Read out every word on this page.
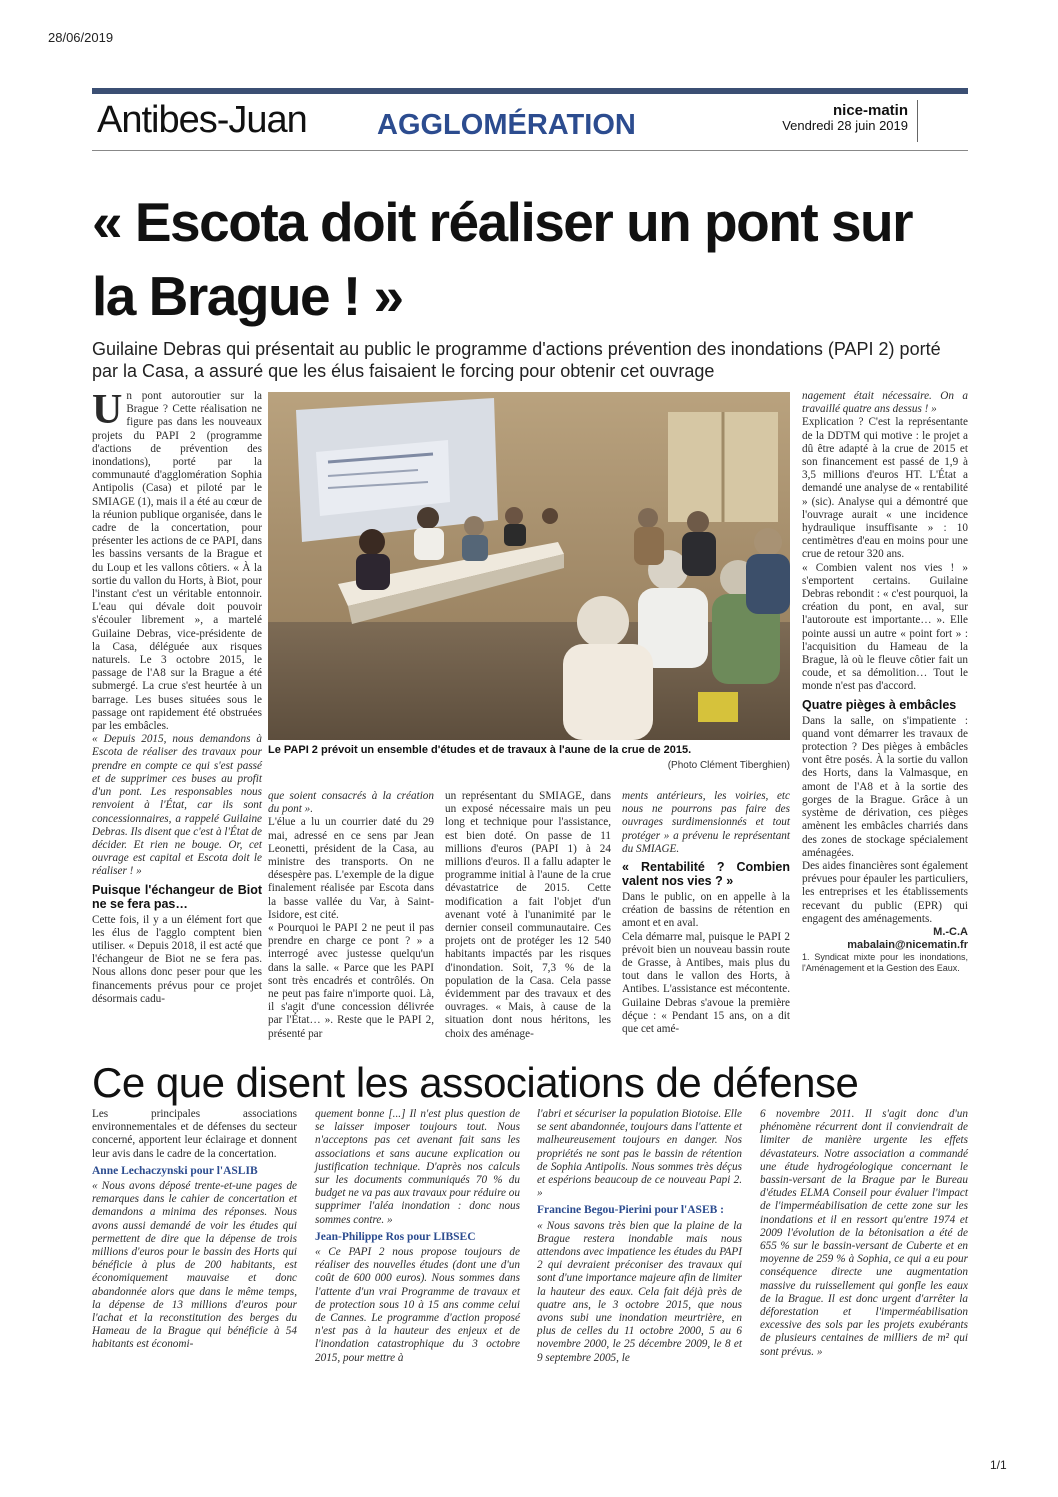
28/06/2019
Antibes-Juan AGGLOMÉRATION	nice-matin
Vendredi 28 juin 2019
« Escota doit réaliser un pont sur la Brague ! »
Guilaine Debras qui présentait au public le programme d'actions prévention des inondations (PAPI 2) porté par la Casa, a assuré que les élus faisaient le forcing pour obtenir cet ouvrage

Un pont autoroutier sur la Brague ? Cette réalisation ne figure pas dans les nouveaux projets du PAPI 2 (programme d'actions de prévention des inondations), porté par la communauté d'agglomération Sophia Antipolis (Casa) et piloté par le SMIAGE (1), mais il a été au cœur de la réunion publique organisée, dans le cadre de la concertation, pour présenter les actions de ce PAPI, dans les bassins versants de la Brague et du Loup et les vallons côtiers. « À la sortie du vallon du Horts, à Biot, pour l'instant c'est un véritable entonnoir. L'eau qui dévale doit pouvoir s'écouler librement », a martelé Guilaine Debras, vice-présidente de la Casa, déléguée aux risques naturels. Le 3 octobre 2015, le passage de l'A8 sur la Brague a été submergé. La crue s'est heurtée à un barrage. Les buses situées sous le passage ont rapidement été obstruées par les embâcles.

« Depuis 2015, nous demandons à Escota de réaliser des travaux pour prendre en compte ce qui s'est passé et de supprimer ces buses au profit d'un pont. Les responsables nous renvoient à l'État, car ils sont concessionnaires, a rappelé Guilaine Debras. Ils disent que c'est à l'État de décider. Et rien ne bouge. Or, cet ouvrage est capital et Escota doit le réaliser ! »

Puisque l'échangeur de Biot ne se fera pas…

Cette fois, il y a un élément fort que les élus de l'agglo comptent bien utiliser. « Depuis 2018, il est acté que l'échangeur de Biot ne se fera pas. Nous allons donc peser pour que les financements prévus pour ce projet désormais cadu-

Le PAPI 2 prévoit un ensemble d'études et de travaux à l'aune de la crue de 2015.
(Photo Clément Tiberghien)

que soient consacrés à la création du pont ».

L'élue a lu un courrier daté du 29 mai, adressé en ce sens par Jean Leonetti, président de la Casa, au ministre des transports. On ne désespère pas. L'exemple de la digue finalement réalisée par Escota dans la basse vallée du Var, à Saint-Isidore, est cité.

« Pourquoi le PAPI 2 ne peut il pas prendre en charge ce pont ? » a interrogé avec justesse quelqu'un dans la salle. « Parce que les PAPI sont très encadrés et contrôlés. On ne peut pas faire n'importe quoi. Là, il s'agit d'une concession délivrée par l'État… ». Reste que le PAPI 2, présenté par

un représentant du SMIAGE, dans un exposé nécessaire mais un peu long et technique pour l'assistance, est bien doté. On passe de 11 millions d'euros (PAPI 1) à 24 millions d'euros. Il a fallu adapter le programme initial à l'aune de la crue dévastatrice de 2015. Cette modification a fait l'objet d'un avenant voté à l'unanimité par le dernier conseil communautaire. Ces projets ont de protéger les 12 540 habitants impactés par les risques d'inondation. Soit, 7,3 % de la population de la Casa. Cela passe évidemment par des travaux et des ouvrages. « Mais, à cause de la situation dont nous héritons, les choix des aménage-

ments antérieurs, les voiries, etc nous ne pourrons pas faire des ouvrages surdimensionnés et tout protéger » a prévenu le représentant du SMIAGE.

« Rentabilité ? Combien valent nos vies ? »

Dans le public, on en appelle à la création de bassins de rétention en amont et en aval.

Cela démarre mal, puisque le PAPI 2 prévoit bien un nouveau bassin route de Grasse, à Antibes, mais plus du tout dans le vallon des Horts, à Antibes. L'assistance est mécontente. Guilaine Debras s'avoue la première déçue : « Pendant 15 ans, on a dit que cet amé-

nagement était nécessaire. On a travaillé quatre ans dessus ! »

Explication ? C'est la représentante de la DDTM qui motive : le projet a dû être adapté à la crue de 2015 et son financement est passé de 1,9 à 3,5 millions d'euros HT. L'État a demandé une analyse de « rentabilité » (sic). Analyse qui a démontré que l'ouvrage aurait « une incidence hydraulique insuffisante » : 10 centimètres d'eau en moins pour une crue de retour 320 ans.

« Combien valent nos vies ! » s'emportent certains. Guilaine Debras rebondit : « c'est pourquoi, la création du pont, en aval, sur l'autoroute est importante… ». Elle pointe aussi un autre « point fort » : l'acquisition du Hameau de la Brague, là où le fleuve côtier fait un coude, et sa démolition… Tout le monde n'est pas d'accord.

Quatre pièges à embâcles

Dans la salle, on s'impatiente : quand vont démarrer les travaux de protection ? Des pièges à embâcles vont être posés. À la sortie du vallon des Horts, dans la Valmasque, en amont de l'A8 et à la sortie des gorges de la Brague. Grâce à un système de dérivation, ces pièges amènent les embâcles charriés dans des zones de stockage spécialement aménagées.

Des aides financières sont également prévues pour épauler les particuliers, les entreprises et les établissements recevant du public (EPR) qui engagent des aménagements.

M.-C.A
mabalain@nicematin.fr
1. Syndicat mixte pour les inondations, l'Aménagement et la Gestion des Eaux.
Ce que disent les associations de défense

Les principales associations environnementales et de défenses du secteur concerné, apportent leur éclairage et donnent leur avis dans le cadre de la concertation.

Anne Lechaczynski pour l'ASLIB

« Nous avons déposé trente-et-une pages de remarques dans le cahier de concertation et demandons a minima des réponses. Nous avons aussi demandé de voir les études qui permettent de dire que la dépense de trois millions d'euros pour le bassin des Horts qui bénéficie à plus de 200 habitants, est économiquement mauvaise et donc abandonnée alors que dans le même temps, la dépense de 13 millions d'euros pour l'achat et la reconstitution des berges du Hameau de la Brague qui bénéficie à 54 habitants est économi-

quement bonne [...] Il n'est plus question de se laisser imposer toujours tout. Nous n'acceptons pas cet avenant fait sans les associations et sans aucune explication ou justification technique. D'après nos calculs sur les documents communiqués 70 % du budget ne va pas aux travaux pour réduire ou supprimer l'aléa inondation : donc nous sommes contre. »

Jean-Philippe Ros pour LIBSEC

« Ce PAPI 2 nous propose toujours de réaliser des nouvelles études (dont une d'un coût de 600 000 euros). Nous sommes dans l'attente d'un vrai Programme de travaux et de protection sous 10 à 15 ans comme celui de Cannes. Le programme d'action proposé n'est pas à la hauteur des enjeux et de l'inondation catastrophique du 3 octobre 2015, pour mettre à

l'abri et sécuriser la population Biotoise. Elle se sent abandonnée, toujours dans l'attente et malheureusement toujours en danger. Nos propriétés ne sont pas le bassin de rétention de Sophia Antipolis. Nous sommes très déçus et espérions beaucoup de ce nouveau Papi 2. »

Francine Begou-Pierini pour l'ASEB :

« Nous savons très bien que la plaine de la Brague restera inondable mais nous attendons avec impatience les études du PAPI 2 qui devraient préconiser des travaux qui sont d'une importance majeure afin de limiter la hauteur des eaux. Cela fait déjà près de quatre ans, le 3 octobre 2015, que nous avons subi une inondation meurtrière, en plus de celles du 11 octobre 2000, 5 au 6 novembre 2000, le 25 décembre 2009, le 8 et 9 septembre 2005, le

6 novembre 2011. Il s'agit donc d'un phénomène récurrent dont il conviendrait de limiter de manière urgente les effets dévastateurs. Notre association a commandé une étude hydrogéologique concernant le bassin-versant de la Brague par le Bureau d'études ELMA Conseil pour évaluer l'impact de l'imperméabilisation de cette zone sur les inondations et il en ressort qu'entre 1974 et 2009 l'évolution de la bétonisation a été de 655 % sur le bassin-versant de Cuberte et en moyenne de 259 % à Sophia, ce qui a eu pour conséquence directe une augmentation massive du ruissellement qui gonfle les eaux de la Brague. Il est donc urgent d'arrêter la déforestation et l'imperméabilisation excessive des sols par les projets exubérants de plusieurs centaines de milliers de m² qui sont prévus. »

1/1
